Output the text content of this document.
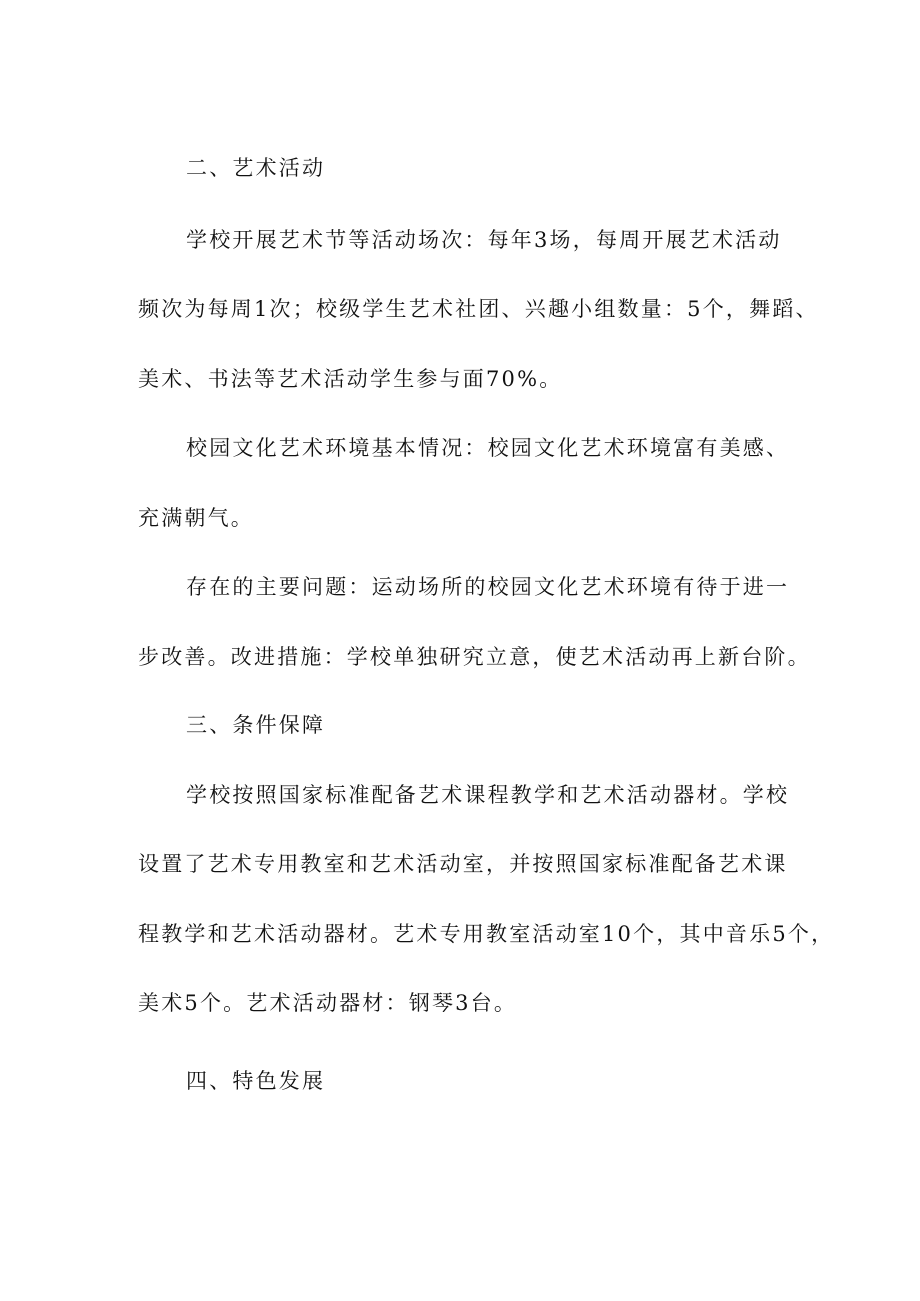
二、艺术活动
学校开展艺术节等活动场次：每年3场，每周开展艺术活动
频次为每周1次；校级学生艺术社团、兴趣小组数量：5个，舞蹈、
美术、书法等艺术活动学生参与面70%。
校园文化艺术环境基本情况：校园文化艺术环境富有美感、
充满朝气。
存在的主要问题：运动场所的校园文化艺术环境有待于进一
步改善。改进措施：学校单独研究立意，使艺术活动再上新台阶。
三、条件保障
学校按照国家标准配备艺术课程教学和艺术活动器材。学校
设置了艺术专用教室和艺术活动室，并按照国家标准配备艺术课
程教学和艺术活动器材。艺术专用教室活动室10个，其中音乐5个，
美术5个。艺术活动器材：钢琴3台。
四、特色发展
